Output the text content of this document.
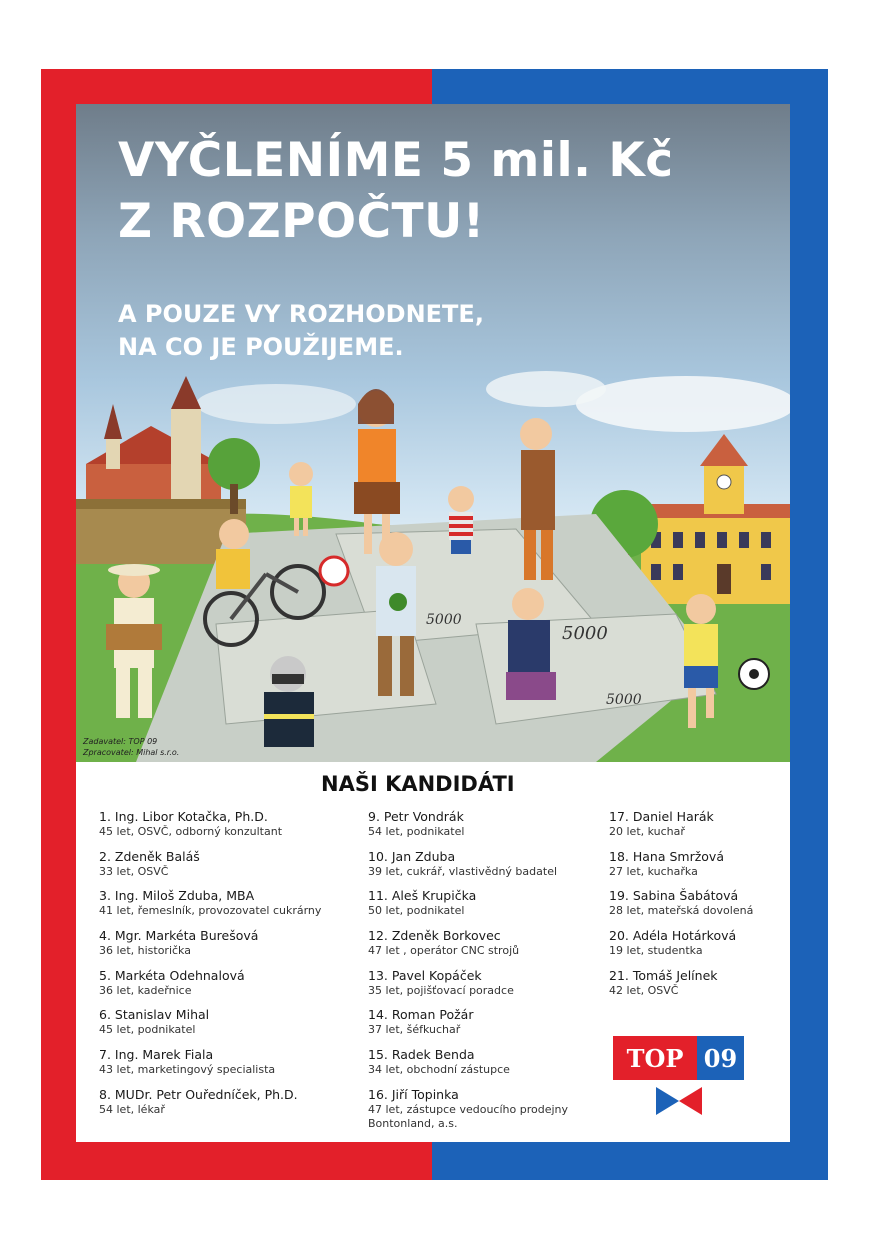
5000
5000
5000
VYČLENÍME 5 mil. Kč
Z ROZPOČTU!
A POUZE VY ROZHODNETE,
NA CO JE POUŽIJEME.
Zadavatel: TOP 09
Zpracovatel: Mihal s.r.o.
NAŠI KANDIDÁTI
1. Ing. Libor Kotačka, Ph.D.
45 let, OSVČ, odborný konzultant
2. Zdeněk Baláš
33 let, OSVČ
3. Ing. Miloš Zduba, MBA
41 let, řemeslník, provozovatel cukrárny
4. Mgr. Markéta Burešová
36 let, historička
5. Markéta Odehnalová
36 let, kadeřnice
6. Stanislav Mihal
45 let, podnikatel
7. Ing. Marek Fiala
43 let, marketingový specialista
8. MUDr. Petr Ouředníček, Ph.D.
54 let, lékař
9. Petr Vondrák
54 let, podnikatel
10. Jan Zduba
39 let, cukrář, vlastivědný badatel
11. Aleš Krupička
50 let, podnikatel
12. Zdeněk Borkovec
47 let , operátor CNC strojů
13. Pavel Kopáček
35 let, pojišťovací poradce
14. Roman Požár
37 let, šéfkuchař
15. Radek Benda
34 let, obchodní zástupce
16. Jiří Topinka
47 let, zástupce vedoucího prodejny
Bontonland, a.s.
17. Daniel Harák
20 let, kuchař
18. Hana Smržová
27 let, kuchařka
19. Sabina Šabátová
28 let, mateřská dovolená
20. Adéla Hotárková
19 let, studentka
21. Tomáš Jelínek
42 let, OSVČ
TOP 09
